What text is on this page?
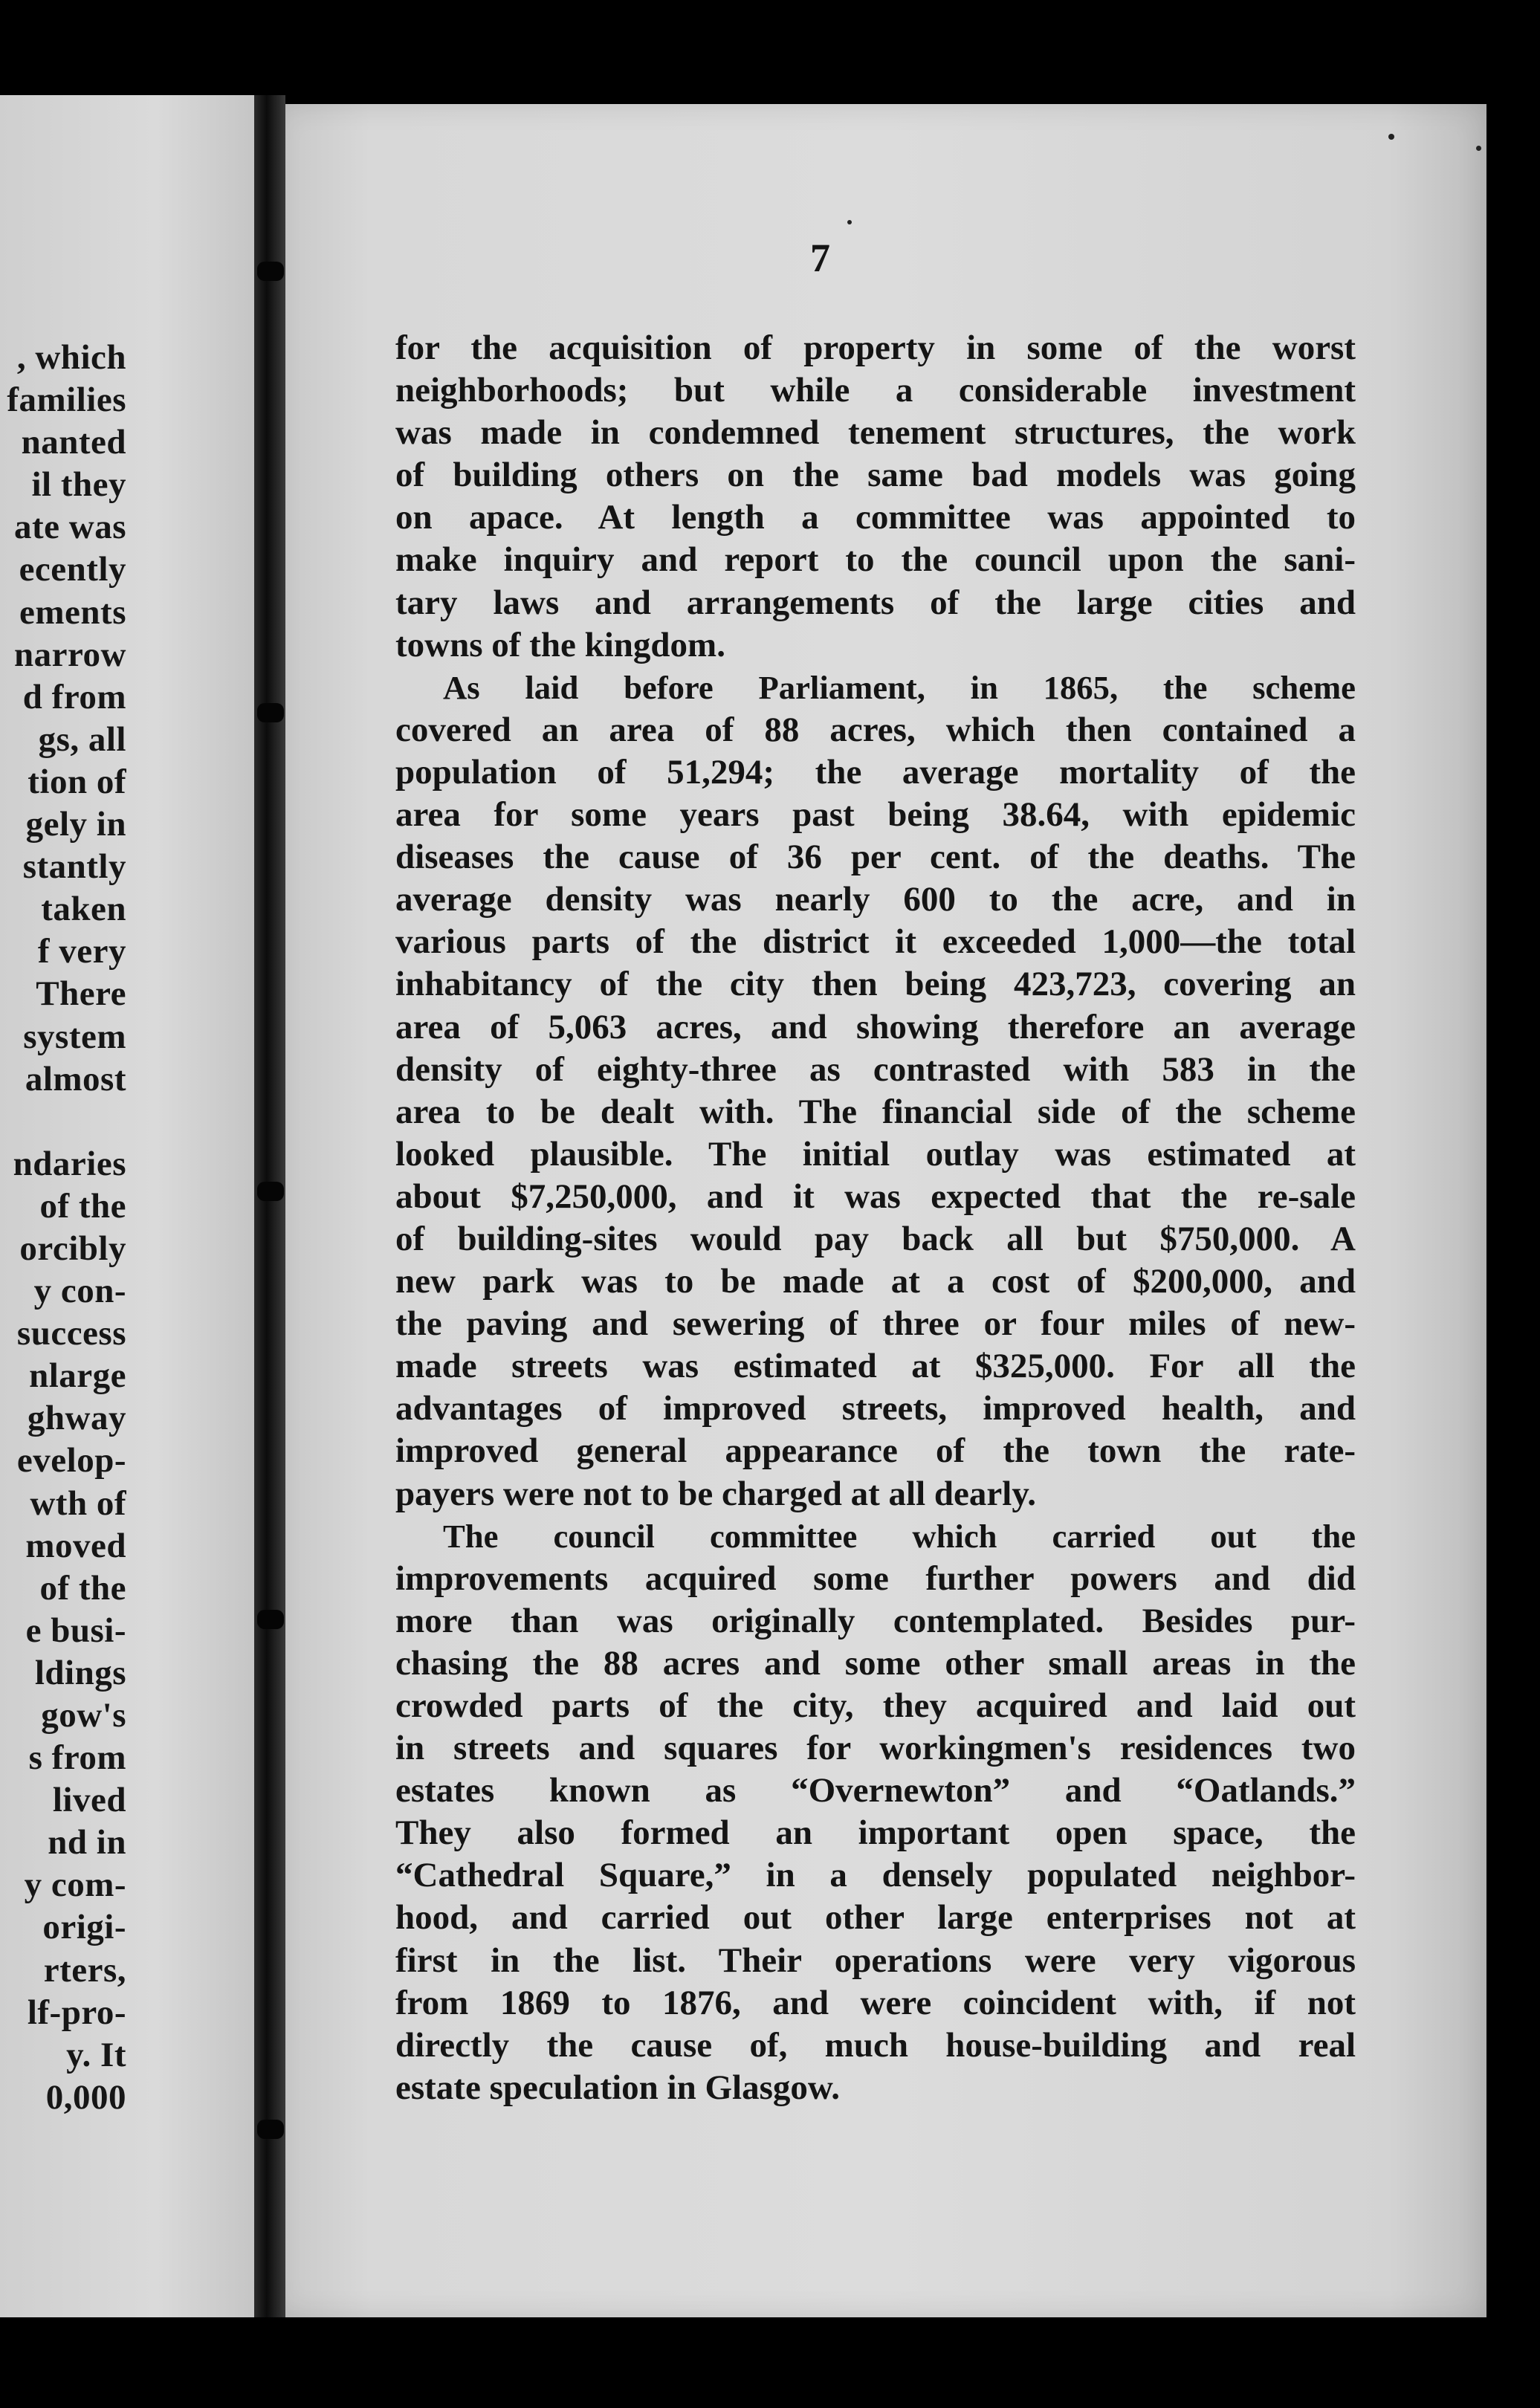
, which
families
nanted
il they
ate was
ecently
ements
narrow
d from
gs, all
tion of
gely in
stantly
taken
f very
There
system
almost
ndaries
of the
orcibly
y con-
success
nlarge
ghway
evelop-
wth of
moved
of the
e busi-
ldings
gow's
s from
lived
nd in
y com-
origi-
rters,
lf-pro-
y. It
0,000
7
for the acquisition of property in some of the worst
neighborhoods; but while a considerable investment
was made in condemned tenement structures, the work
of building others on the same bad models was going
on apace. At length a committee was appointed to
make inquiry and report to the council upon the sani-
tary laws and arrangements of the large cities and
towns of the kingdom.
As laid before Parliament, in 1865, the scheme
covered an area of 88 acres, which then contained a
population of 51,294; the average mortality of the
area for some years past being 38.64, with epidemic
diseases the cause of 36 per cent. of the deaths. The
average density was nearly 600 to the acre, and in
various parts of the district it exceeded 1,000—the total
inhabitancy of the city then being 423,723, covering an
area of 5,063 acres, and showing therefore an average
density of eighty-three as contrasted with 583 in the
area to be dealt with. The financial side of the scheme
looked plausible. The initial outlay was estimated at
about $7,250,000, and it was expected that the re-sale
of building-sites would pay back all but $750,000. A
new park was to be made at a cost of $200,000, and
the paving and sewering of three or four miles of new-
made streets was estimated at $325,000. For all the
advantages of improved streets, improved health, and
improved general appearance of the town the rate-
payers were not to be charged at all dearly.
The council committee which carried out the
improvements acquired some further powers and did
more than was originally contemplated. Besides pur-
chasing the 88 acres and some other small areas in the
crowded parts of the city, they acquired and laid out
in streets and squares for workingmen's residences two
estates known as “Overnewton” and “Oatlands.”
They also formed an important open space, the
“Cathedral Square,” in a densely populated neighbor-
hood, and carried out other large enterprises not at
first in the list. Their operations were very vigorous
from 1869 to 1876, and were coincident with, if not
directly the cause of, much house-building and real
estate speculation in Glasgow.
